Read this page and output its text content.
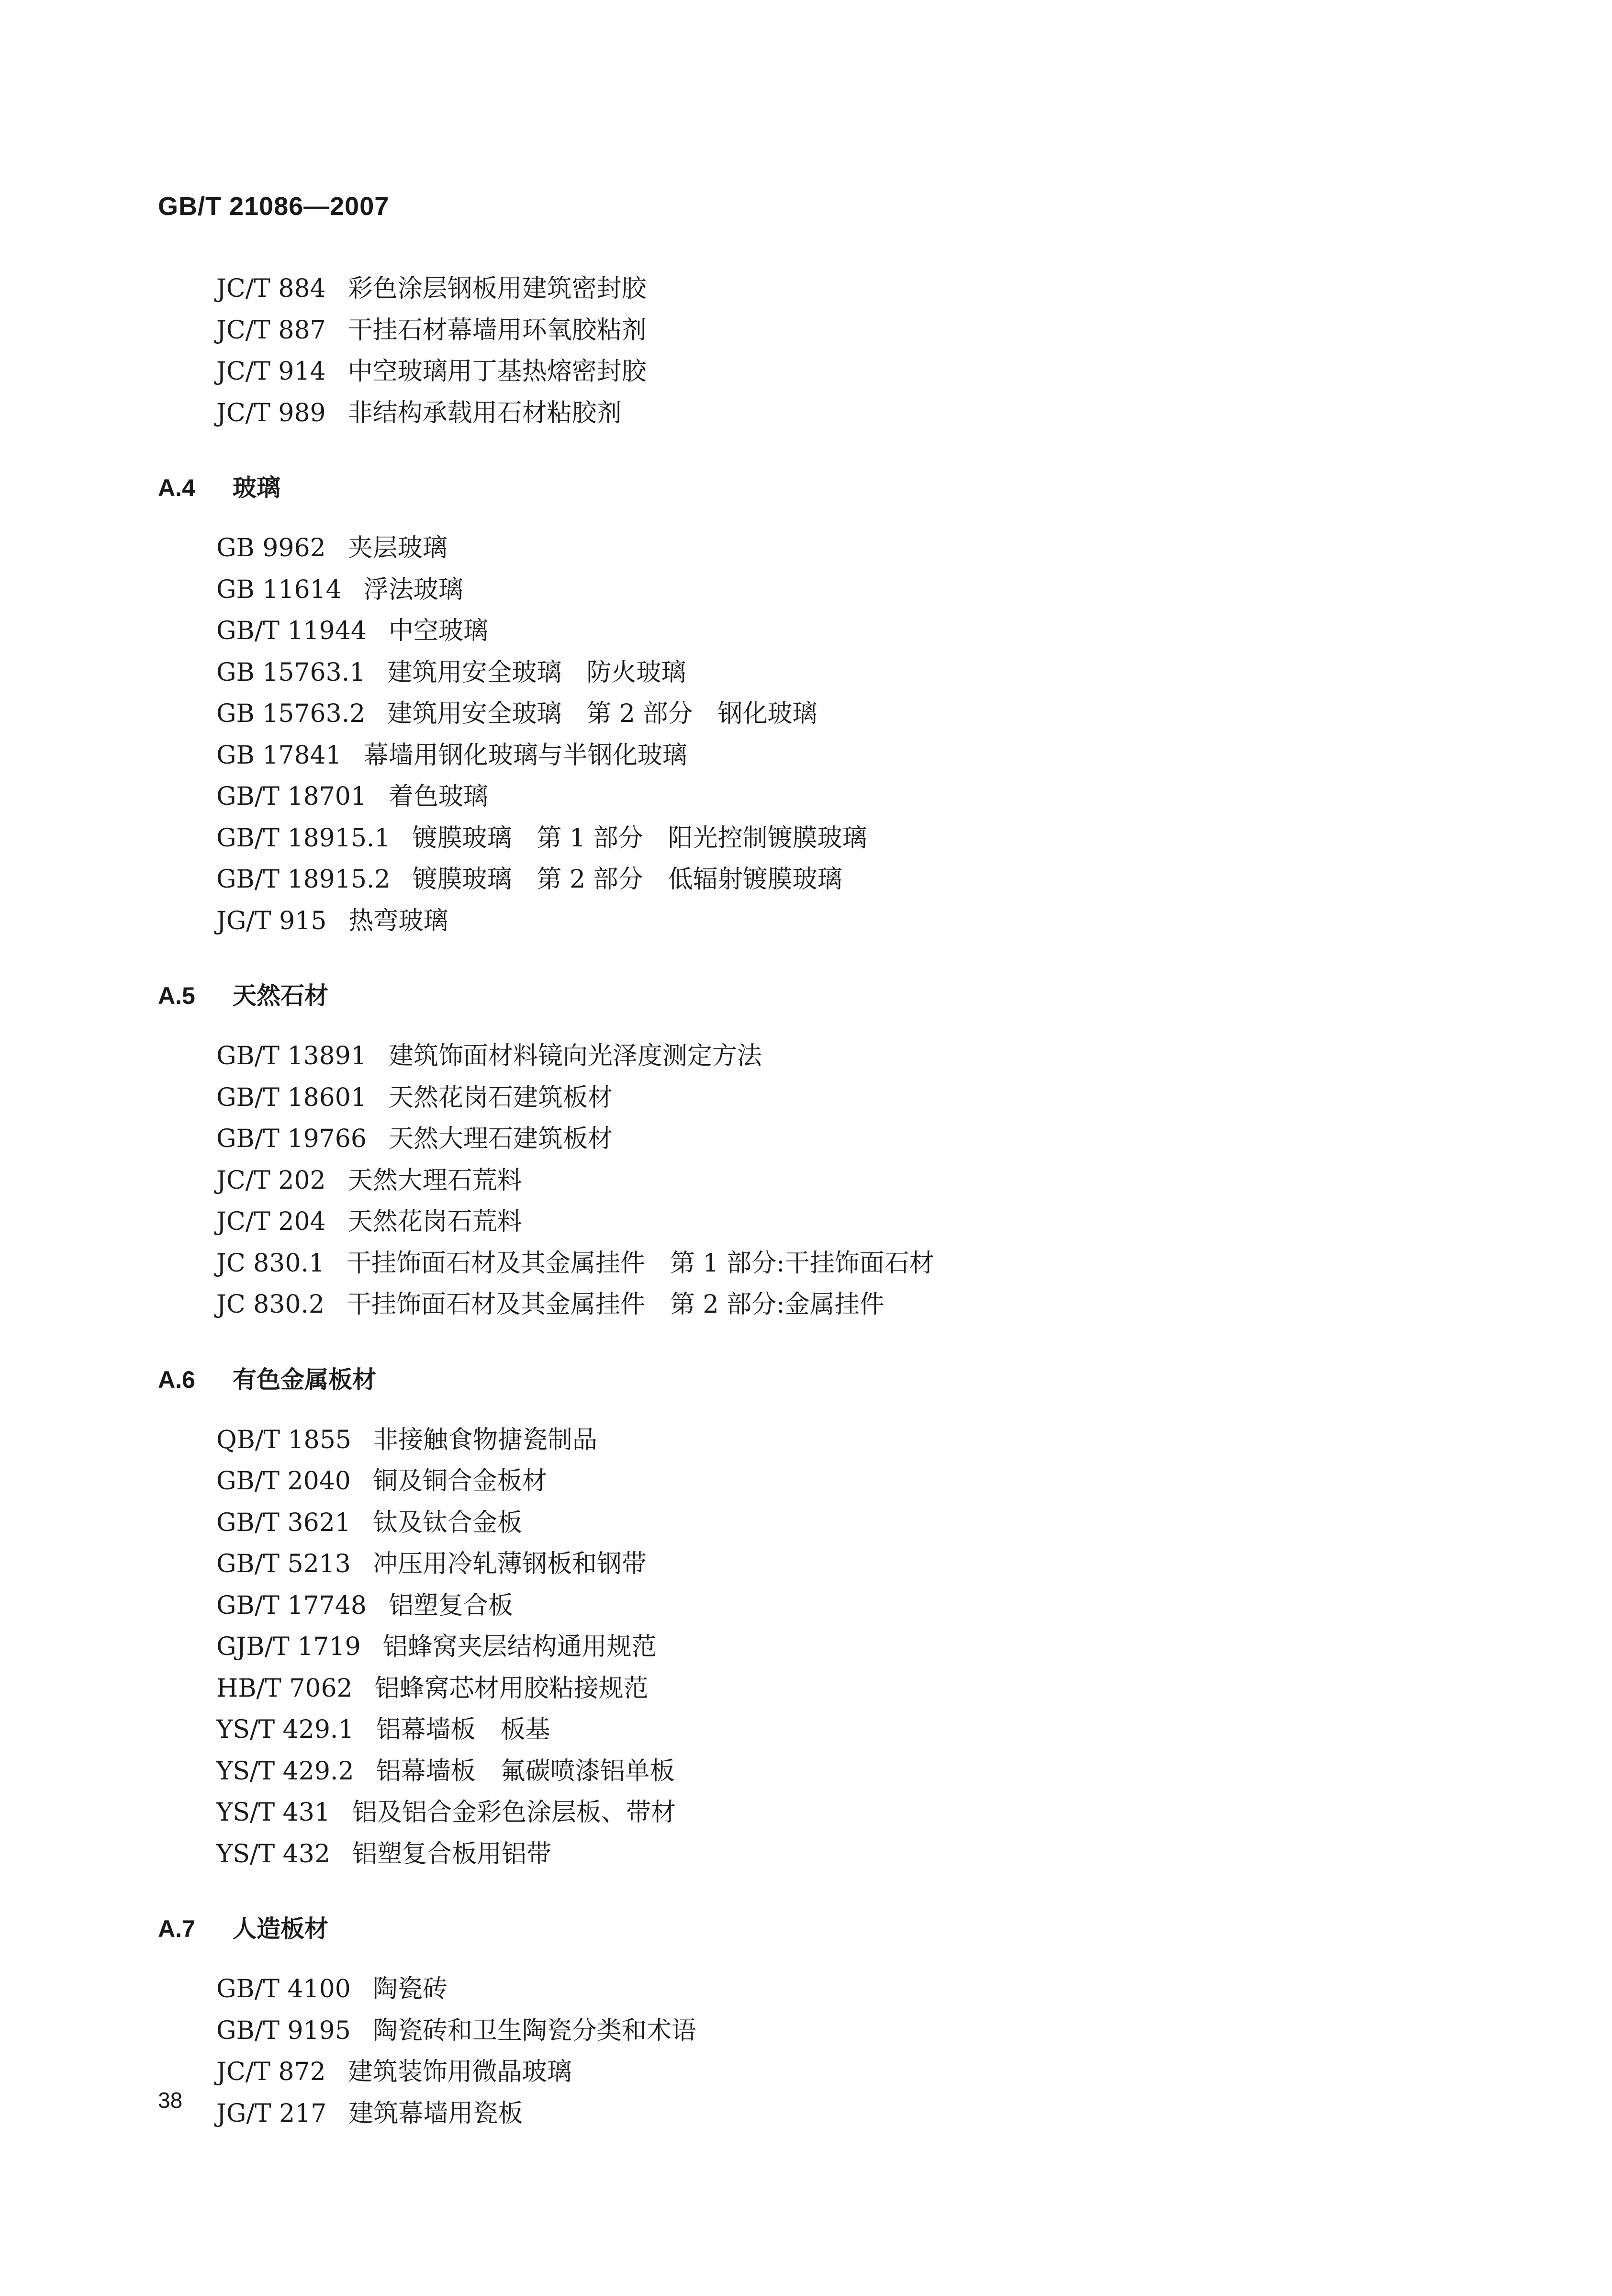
GB/T 21086—2007
JC/T 884 彩色涂层钢板用建筑密封胶
JC/T 887 干挂石材幕墙用环氧胶粘剂
JC/T 914 中空玻璃用丁基热熔密封胶
JC/T 989 非结构承载用石材粘胶剂
A.4 玻璃
GB 9962 夹层玻璃
GB 11614 浮法玻璃
GB/T 11944 中空玻璃
GB 15763.1 建筑用安全玻璃　防火玻璃
GB 15763.2 建筑用安全玻璃　第 2 部分　钢化玻璃
GB 17841 幕墙用钢化玻璃与半钢化玻璃
GB/T 18701 着色玻璃
GB/T 18915.1 镀膜玻璃　第 1 部分　阳光控制镀膜玻璃
GB/T 18915.2 镀膜玻璃　第 2 部分　低辐射镀膜玻璃
JG/T 915 热弯玻璃
A.5 天然石材
GB/T 13891 建筑饰面材料镜向光泽度测定方法
GB/T 18601 天然花岗石建筑板材
GB/T 19766 天然大理石建筑板材
JC/T 202 天然大理石荒料
JC/T 204 天然花岗石荒料
JC 830.1 干挂饰面石材及其金属挂件　第 1 部分:干挂饰面石材
JC 830.2 干挂饰面石材及其金属挂件　第 2 部分:金属挂件
A.6 有色金属板材
QB/T 1855 非接触食物搪瓷制品
GB/T 2040 铜及铜合金板材
GB/T 3621 钛及钛合金板
GB/T 5213 冲压用冷轧薄钢板和钢带
GB/T 17748 铝塑复合板
GJB/T 1719 铝蜂窝夹层结构通用规范
HB/T 7062 铝蜂窝芯材用胶粘接规范
YS/T 429.1 铝幕墙板　板基
YS/T 429.2 铝幕墙板　氟碳喷漆铝单板
YS/T 431 铝及铝合金彩色涂层板、带材
YS/T 432 铝塑复合板用铝带
A.7 人造板材
GB/T 4100 陶瓷砖
GB/T 9195 陶瓷砖和卫生陶瓷分类和术语
JC/T 872 建筑装饰用微晶玻璃
JG/T 217 建筑幕墙用瓷板
38
